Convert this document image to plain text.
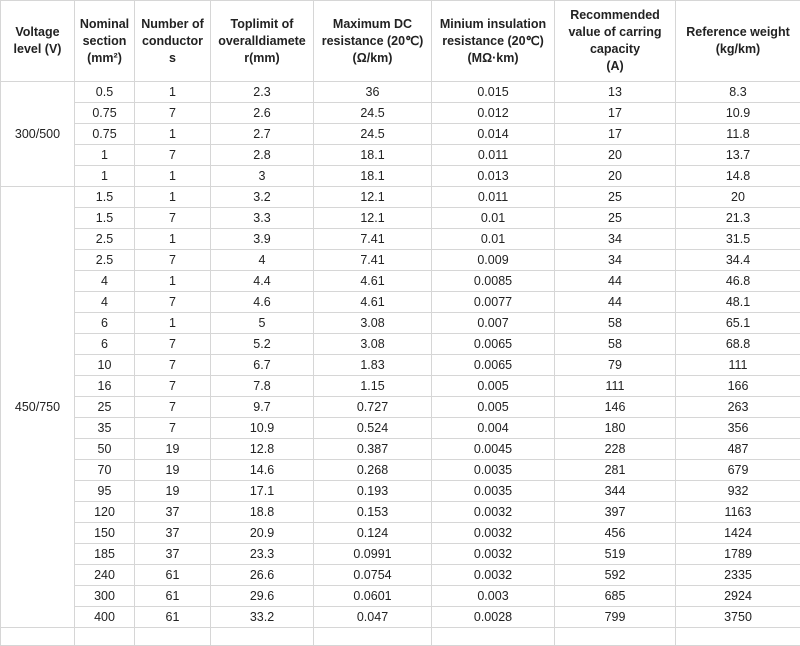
Voltage
level (V)	Nominal
section
(mm²)	Number of
conductor
s	Toplimit of
overalldiamete
r(mm)	Maximum DC
resistance (20℃)
(Ω/km)	Minium insulation
resistance (20℃)
(MΩ·km)	Recommended
value of carring
capacity
(A)	Reference weight
(kg/km)
300/500	0.5	1	2.3	36	0.015	13	8.3
	0.75	7	2.6	24.5	0.012	17	10.9
	0.75	1	2.7	24.5	0.014	17	11.8
	1	7	2.8	18.1	0.011	20	13.7
	1	1	3	18.1	0.013	20	14.8
450/750	1.5	1	3.2	12.1	0.011	25	20
	1.5	7	3.3	12.1	0.01	25	21.3
	2.5	1	3.9	7.41	0.01	34	31.5
	2.5	7	4	7.41	0.009	34	34.4
	4	1	4.4	4.61	0.0085	44	46.8
	4	7	4.6	4.61	0.0077	44	48.1
	6	1	5	3.08	0.007	58	65.1
	6	7	5.2	3.08	0.0065	58	68.8
	10	7	6.7	1.83	0.0065	79	111
	16	7	7.8	1.15	0.005	111	166
	25	7	9.7	0.727	0.005	146	263
	35	7	10.9	0.524	0.004	180	356
	50	19	12.8	0.387	0.0045	228	487
	70	19	14.6	0.268	0.0035	281	679
	95	19	17.1	0.193	0.0035	344	932
	120	37	18.8	0.153	0.0032	397	1163
	150	37	20.9	0.124	0.0032	456	1424
	185	37	23.3	0.0991	0.0032	519	1789
	240	61	26.6	0.0754	0.0032	592	2335
	300	61	29.6	0.0601	0.003	685	2924
	400	61	33.2	0.047	0.0028	799	3750
